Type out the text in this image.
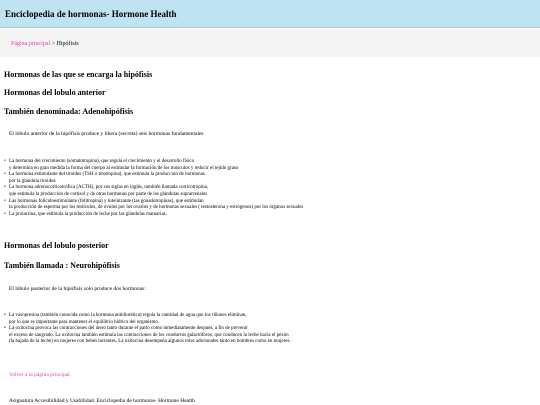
Enciclopedia de hormonas- Hormone Health
Página principal > Hipófisis
Hormonas de las que se encarga la hipófisis
Hormonas del lobulo anterior
También denominada: Adenohipófisis

El lóbulo anterior de la hipófisis produce y libera (secreta) seis hormonas fundamentales

• La hormona del crecimiento (somatotropina), que regula el crecimiento y el desarrollo físico
y determina en gran medida la forma del cuerpo al estimular la formación de los músculos y reducir el tejido graso
• La hormona estimulante del tiroides (TSH o tirotropina), que estimula la producción de hormonas
por la glándula tiroidea
• La hormona adrenocorticotrófica (ACTH), por sus siglas en inglés, también llamada corticotropina,
que estimula la producción de cortisol y de otras hormonas por parte de las glándulas suprarrenales
• Las hormonas foliculoestimulante (folitropina) y luteinizante (las gonadotropinas), que estimulan
la producción de esperma por los testículos, de óvulos por los ovarios y de hormonas sexuales ( testosterona y estrógenos) por los órganos sexuales
• La prolactina, que estimula la producción de leche por las glándulas mamarias.
Hormonas del lobulo posterior
También llamada : Neurohipófisis

El lóbulo posterior de la hipófisis solo produce dos hormonas:

• La vasopresina (también conocida como la hormona antidiurética) regula la cantidad de agua que los riñones eliminan,
por lo que es importante para mantener el equilibrio hídrico del organismo.
• La oxitocina provoca las contracciones del útero tanto durante el parto como inmediatamente después, a fin de prevenir
el exceso de sangrado. La oxitocina también estimula las contracciones de los conductos galactóforos, que conducen la leche hacia el pezón
(la bajada de la leche) en mujeres con bebés lactantes. La oxitocina desempeña algunos roles adicionales tanto en hombres como en mujeres.
Volver a la página principal.
Asignatura Accesibilidad y Usabilidad. Enciclopedia de hormonas- Hormone Health
